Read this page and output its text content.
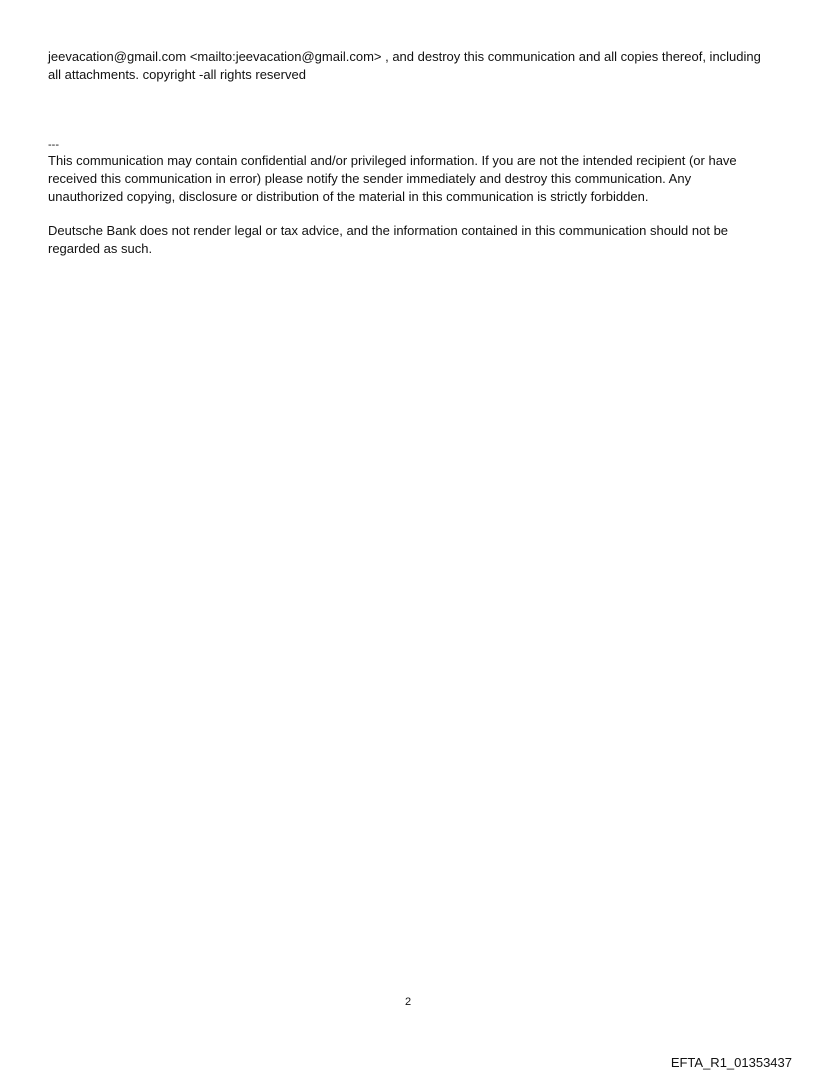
jeevacation@gmail.com <mailto:jeevacation@gmail.com> , and destroy this communication and all copies thereof, including all attachments. copyright -all rights reserved

---

This communication may contain confidential and/or privileged information. If you are not the intended recipient (or have received this communication in error) please notify the sender immediately and destroy this communication. Any unauthorized copying, disclosure or distribution of the material in this communication is strictly forbidden.

Deutsche Bank does not render legal or tax advice, and the information contained in this communication should not be regarded as such.

2
EFTA_R1_01353437
